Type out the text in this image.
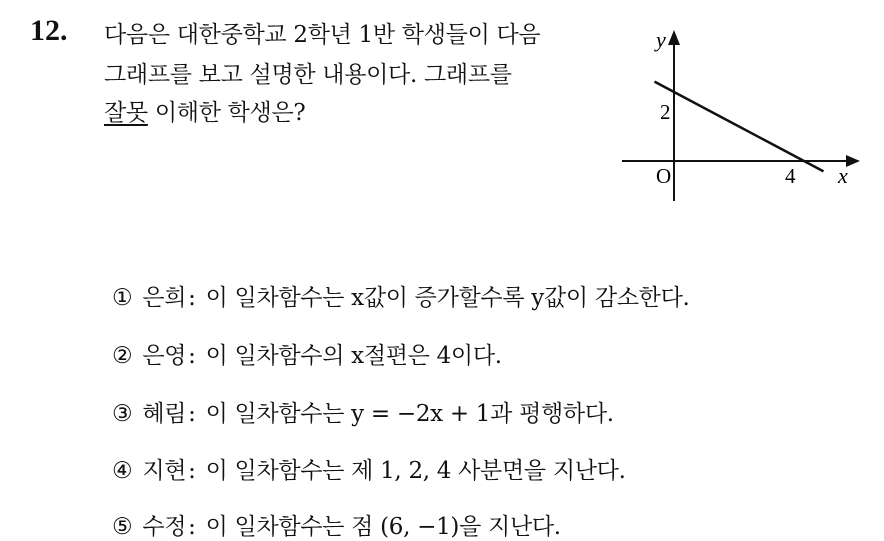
12. 다음은 대한중학교 2학년 1반 학생들이 다음
그래프를 보고 설명한 내용이다. 그래프를
잘못 이해한 학생은?
y
x
O	4
2
① 은희: 이 일차함수는 x값이 증가할수록 y값이 감소한다.
② 은영: 이 일차함수의 x절편은 4이다.
③ 혜림: 이 일차함수는 y = −2x + 1과 평행하다.
④ 지현: 이 일차함수는 제 1, 2, 4 사분면을 지난다.
⑤ 수정: 이 일차함수는 점 (6, −1)을 지난다.
